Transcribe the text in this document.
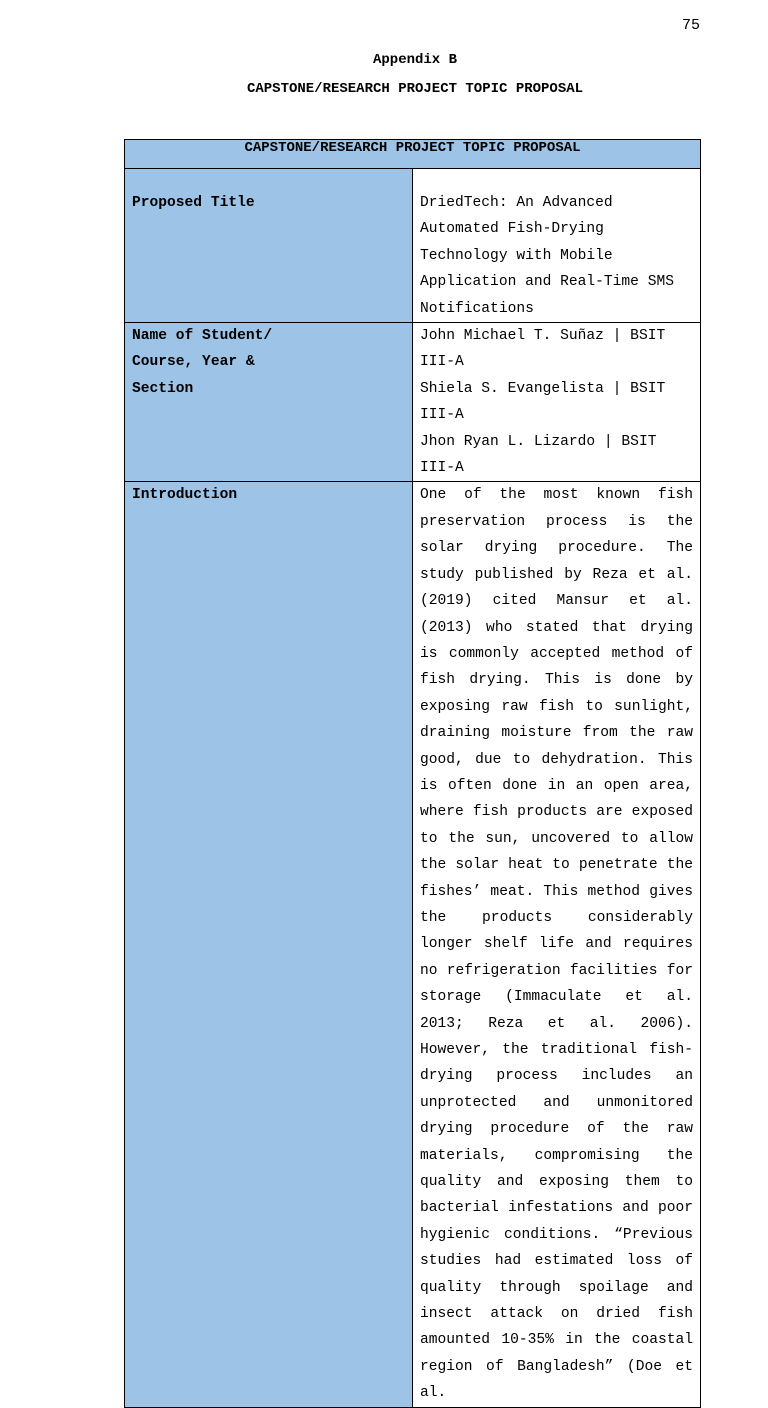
75
Appendix B
CAPSTONE/RESEARCH PROJECT TOPIC PROPOSAL
CAPSTONE/RESEARCH PROJECT TOPIC PROPOSAL	
Proposed Title	DriedTech: An Advanced Automated Fish-Drying Technology with Mobile Application and Real-Time SMS Notifications

Name of Student/
Course, Year &
Section	John Michael T. Suñaz | BSIT III-A
Shiela S. Evangelista | BSIT III-A
Jhon Ryan L. Lizardo | BSIT III-A

Introduction	One of the most known fish preservation process is the solar drying procedure. The study published by Reza et al. (2019) cited Mansur et al. (2013) who stated that drying is commonly accepted method of fish drying. This is done by exposing raw fish to sunlight, draining moisture from the raw good, due to dehydration. This is often done in an open area, where fish products are exposed to the sun, uncovered to allow the solar heat to penetrate the fishes’ meat. This method gives the products considerably longer shelf life and requires no refrigeration facilities for storage (Immaculate et al. 2013; Reza et al. 2006). However, the traditional fish-drying process includes an unprotected and unmonitored drying procedure of the raw materials, compromising the quality and exposing them to bacterial infestations and poor hygienic conditions. “Previous studies had estimated loss of quality through spoilage and insect attack on dried fish amounted 10-35% in the coastal region of Bangladesh” (Doe et al.
